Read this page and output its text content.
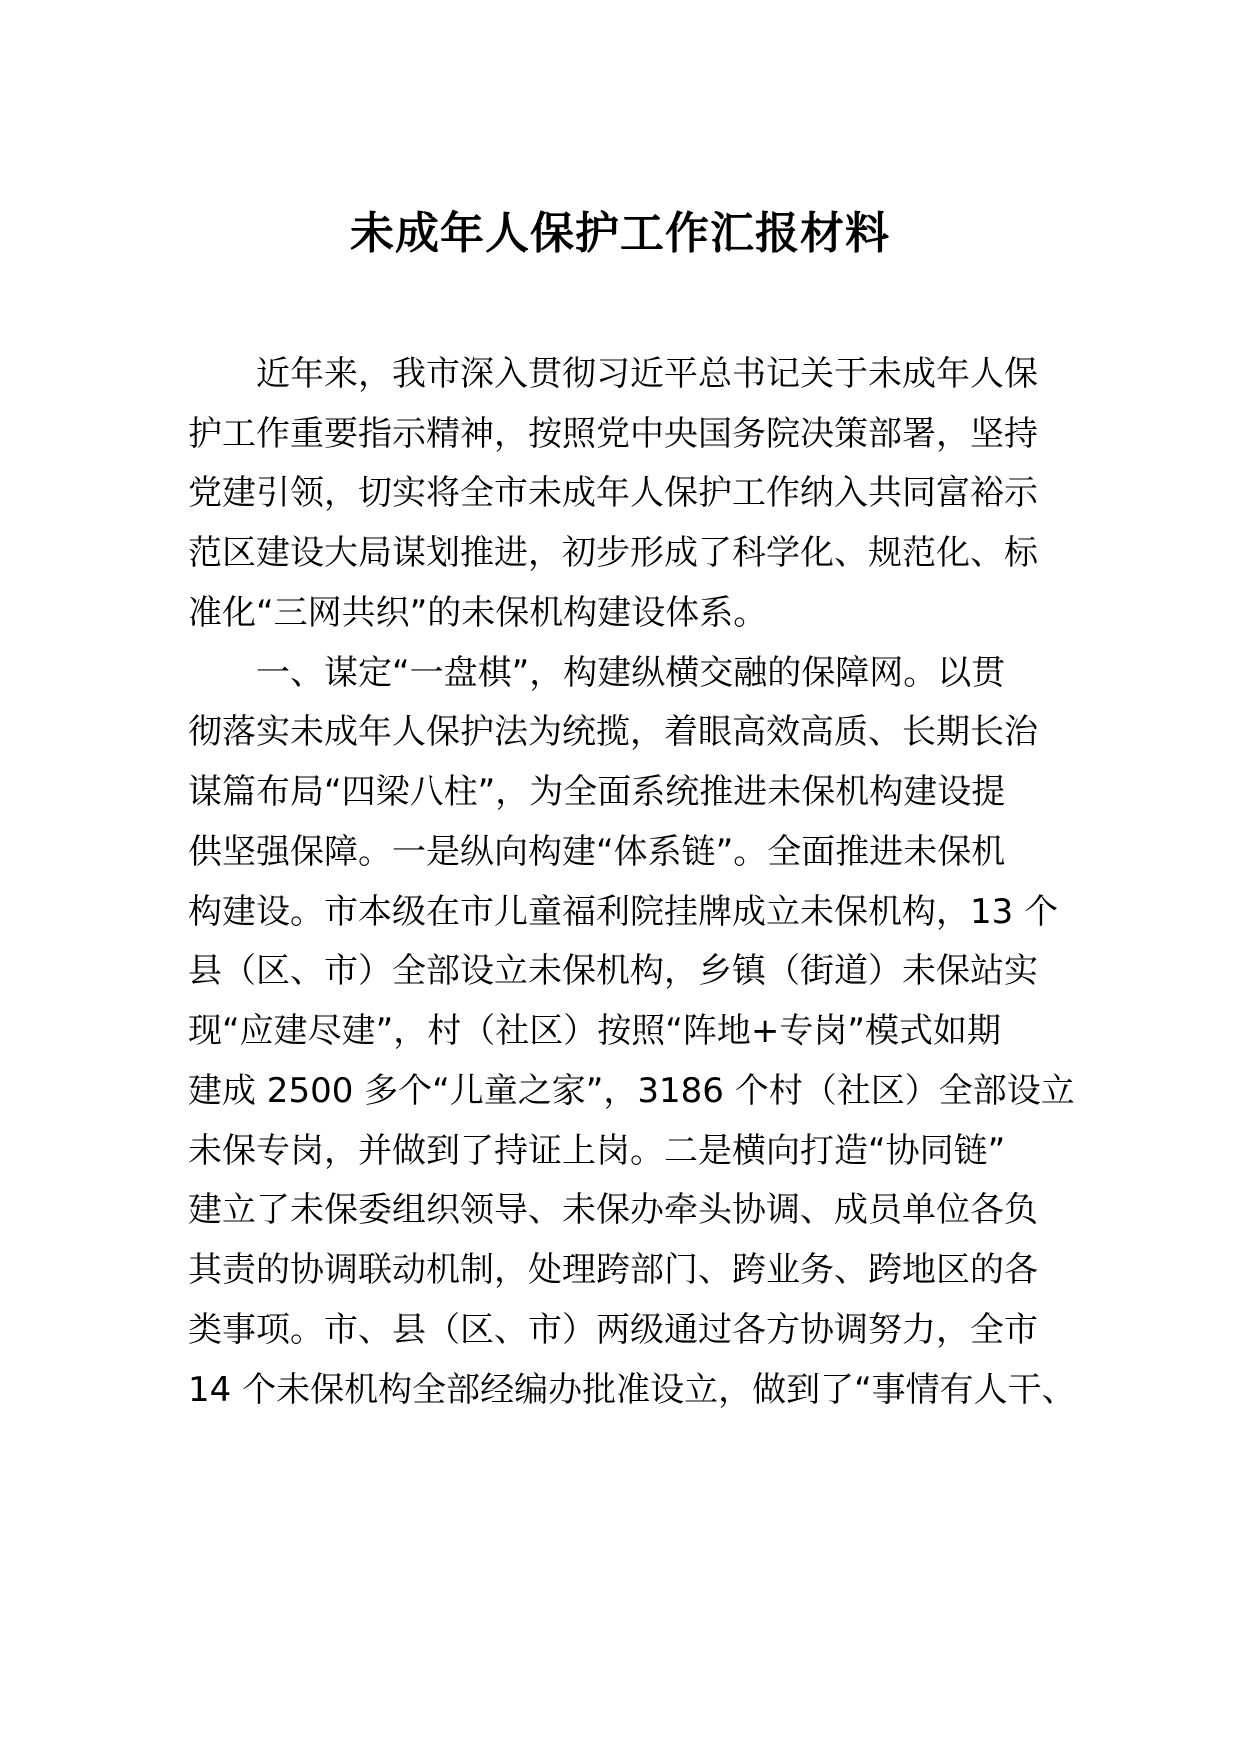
未成年人保护工作汇报材料
近年来，我市深入贯彻习近平总书记关于未成年人保
护工作重要指示精神，按照党中央国务院决策部署，坚持
党建引领，切实将全市未成年人保护工作纳入共同富裕示
范区建设大局谋划推进，初步形成了科学化、规范化、标
准化“三网共织”的未保机构建设体系。
一、谋定“一盘棋”，构建纵横交融的保障网。以贯
彻落实未成年人保护法为统揽，着眼高效高质、长期长治
谋篇布局“四梁八柱”，为全面系统推进未保机构建设提
供坚强保障。一是纵向构建“体系链”。全面推进未保机
构建设。市本级在市儿童福利院挂牌成立未保机构，13 个
县（区、市）全部设立未保机构，乡镇（街道）未保站实
现“应建尽建”，村（社区）按照“阵地+专岗”模式如期
建成 2500 多个“儿童之家”，3186 个村（社区）全部设立
未保专岗，并做到了持证上岗。二是横向打造“协同链”
建立了未保委组织领导、未保办牵头协调、成员单位各负
其责的协调联动机制，处理跨部门、跨业务、跨地区的各
类事项。市、县（区、市）两级通过各方协调努力，全市
14 个未保机构全部经编办批准设立，做到了“事情有人干、
